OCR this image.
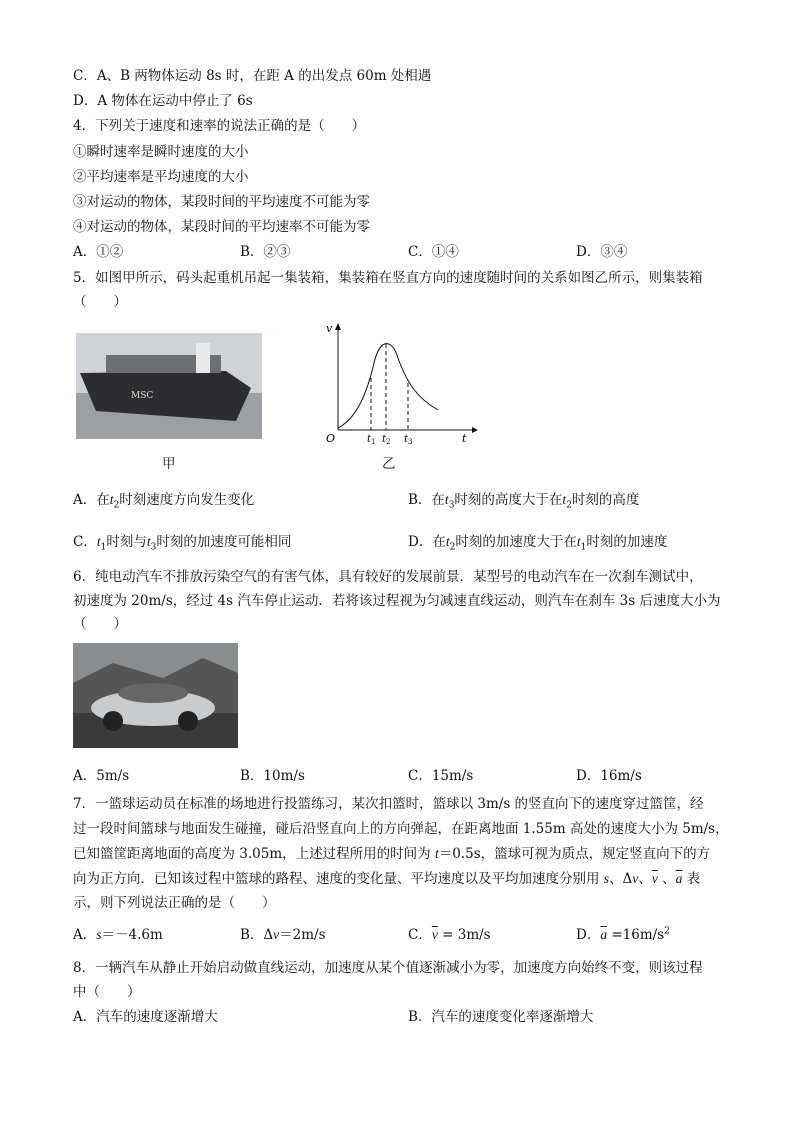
C．A、B 两物体运动 8s 时，在距 A 的出发点 60m 处相遇
D．A 物体在运动中停止了 6s
4．下列关于速度和速率的说法正确的是（　　）
①瞬时速率是瞬时速度的大小
②平均速率是平均速度的大小
③对运动的物体，某段时间的平均速度不可能为零
④对运动的物体，某段时间的平均速率不可能为零
A．①②	B．②③	C．①④	D．③④
5．如图甲所示，码头起重机吊起一集装箱，集装箱在竖直方向的速度随时间的关系如图乙所示，则集装箱
（　　）
MSC
甲
v
t
O	t 1 t 2 t 3
乙
A．在$t_2$时刻速度方向发生变化	B．在$t_3$时刻的高度大于在$t_2$时刻的高度
C．$t_1$时刻与$t_3$时刻的加速度可能相同	D．在$t_2$时刻的加速度大于在$t_1$时刻的加速度
6．纯电动汽车不排放污染空气的有害气体，具有较好的发展前景．某型号的电动汽车在一次刹车测试中，
初速度为 20m/s，经过 4s 汽车停止运动．若将该过程视为匀减速直线运动，则汽车在刹车 3s 后速度大小为
（　　）
A．5m/s	B．10m/s	C．15m/s	D．16m/s
7．一篮球运动员在标准的场地进行投篮练习，某次扣篮时，篮球以 3m/s 的竖直向下的速度穿过篮筐，经
过一段时间篮球与地面发生碰撞，碰后沿竖直向上的方向弹起，在距离地面 1.55m 高处的速度大小为 5m/s，
已知篮筐距离地面的高度为 3.05m，上述过程所用的时间为 t＝0.5s，篮球可视为质点，规定竖直向下的方
向为正方向．已知该过程中篮球的路程、速度的变化量、平均速度以及平均加速度分别用 s、Δv、$\overline{v}$ 、$\overline{a}$ 表
示，则下列说法正确的是（　　）
A．s＝－4.6m	B．Δv＝2m/s	C．$\overline{v} = 3m/s$	D．$\overline{a} =16m/s^2$
8．一辆汽车从静止开始启动做直线运动，加速度从某个值逐渐减小为零，加速度方向始终不变，则该过程
中（　　）
A．汽车的速度逐渐增大	B．汽车的速度变化率逐渐增大
